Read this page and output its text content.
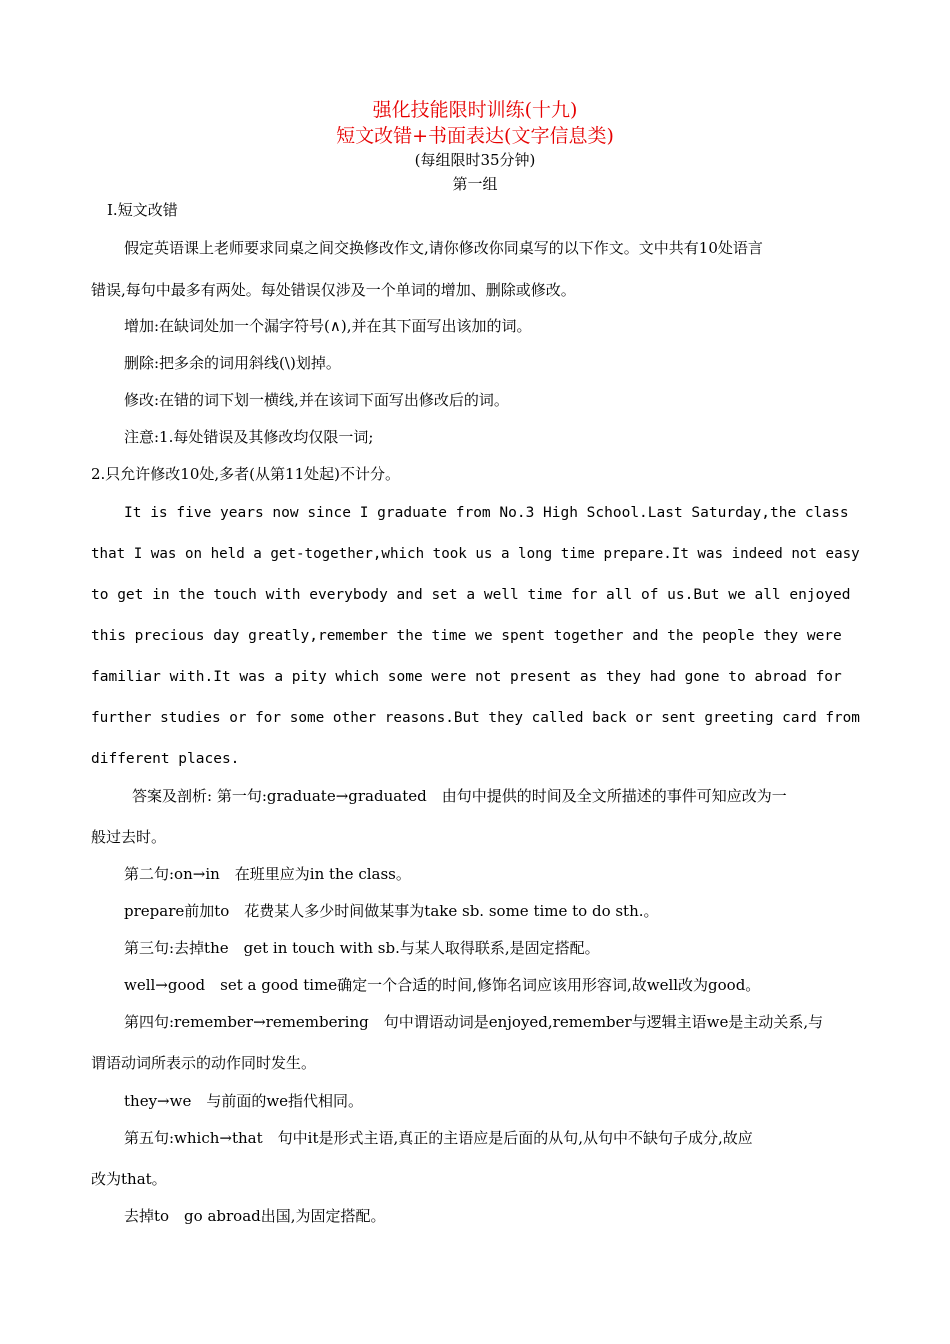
强化技能限时训练(十九)
短文改错+书面表达(文字信息类)
(每组限时35分钟)
第一组
I.短文改错
假定英语课上老师要求同桌之间交换修改作文,请你修改你同桌写的以下作文。文中共有10处语言
错误,每句中最多有两处。每处错误仅涉及一个单词的增加、删除或修改。
增加:在缺词处加一个漏字符号(∧),并在其下面写出该加的词。
删除:把多余的词用斜线(\)划掉。
修改:在错的词下划一横线,并在该词下面写出修改后的词。
注意:1.每处错误及其修改均仅限一词;
2.只允许修改10处,多者(从第11处起)不计分。
It is five years now since I graduate from No.3 High School.Last Saturday,the class
that I was on held a get-together,which took us a long time prepare.It was indeed not easy
to get in the touch with everybody and set a well time for all of us.But we all enjoyed
this precious day greatly,remember the time we spent together and the people they were
familiar with.It was a pity which some were not present as they had gone to abroad for
further studies or for some other reasons.But they called back or sent greeting card from
different places.
答案及剖析: 第一句:graduate→graduated　由句中提供的时间及全文所描述的事件可知应改为一
般过去时。
第二句:on→in　在班里应为in the class。
prepare前加to　花费某人多少时间做某事为take sb. some time to do sth.。
第三句:去掉the　get in touch with sb.与某人取得联系,是固定搭配。
well→good　set a good time确定一个合适的时间,修饰名词应该用形容词,故well改为good。
第四句:remember→remembering　句中谓语动词是enjoyed,remember与逻辑主语we是主动关系,与
谓语动词所表示的动作同时发生。
they→we　与前面的we指代相同。
第五句:which→that　句中it是形式主语,真正的主语应是后面的从句,从句中不缺句子成分,故应
改为that。
去掉to　go abroad出国,为固定搭配。
